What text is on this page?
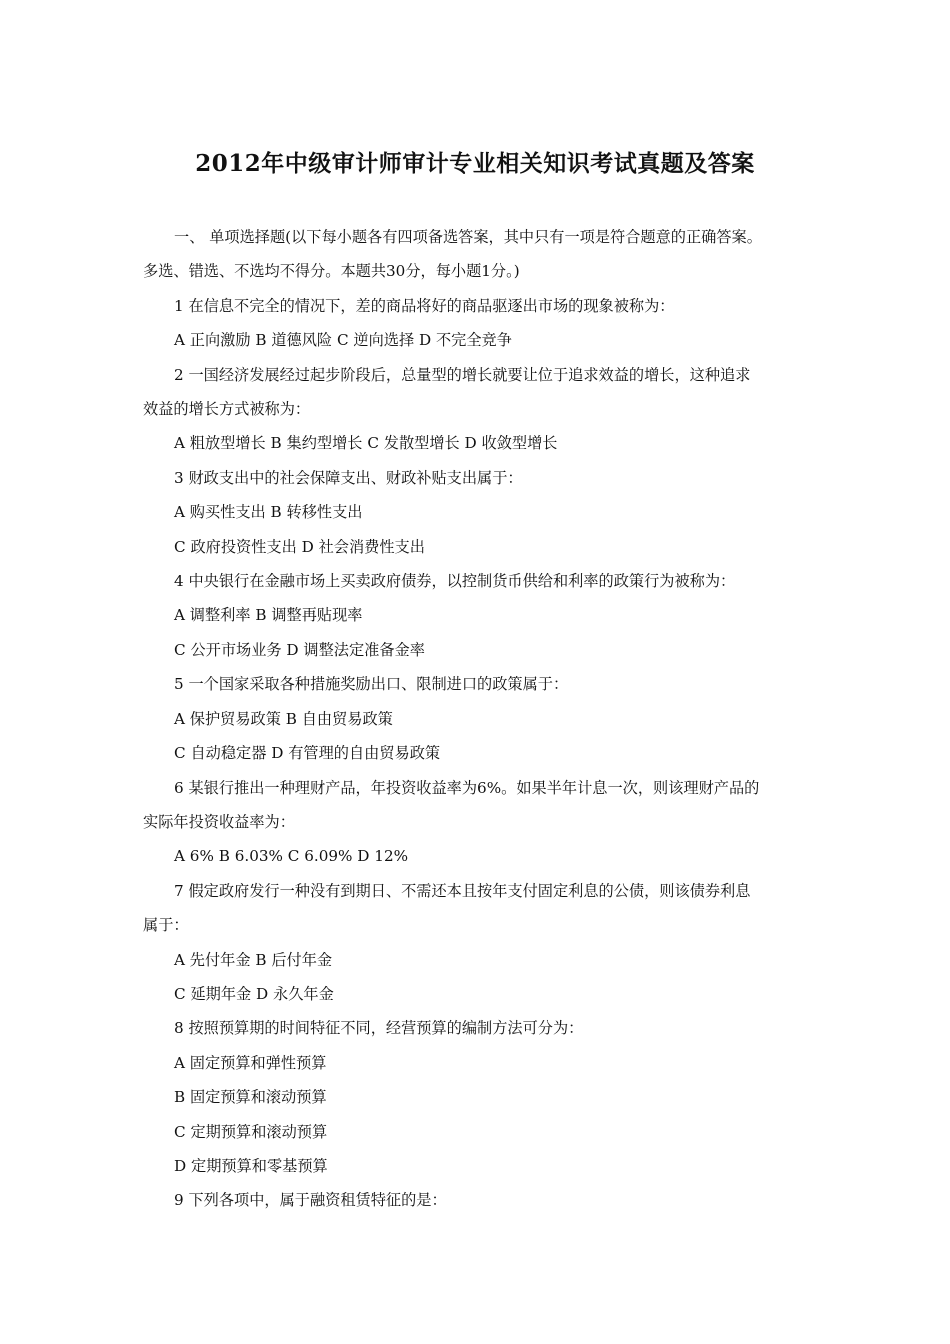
2012年中级审计师审计专业相关知识考试真题及答案
一、 单项选择题(以下每小题各有四项备选答案，其中只有一项是符合题意的正确答案。
多选、错选、不选均不得分。本题共30分，每小题1分。)
1 在信息不完全的情况下，差的商品将好的商品驱逐出市场的现象被称为：

A 正向激励 B 道德风险 C 逆向选择 D 不完全竞争

2 一国经济发展经过起步阶段后，总量型的增长就要让位于追求效益的增长，这种追求
效益的增长方式被称为：

A 粗放型增长 B 集约型增长 C 发散型增长 D 收敛型增长

3 财政支出中的社会保障支出、财政补贴支出属于：

A 购买性支出 B 转移性支出

C 政府投资性支出 D 社会消费性支出

4 中央银行在金融市场上买卖政府债券，以控制货币供给和利率的政策行为被称为：

A 调整利率 B 调整再贴现率

C 公开市场业务 D 调整法定准备金率

5 一个国家采取各种措施奖励出口、限制进口的政策属于：

A 保护贸易政策 B 自由贸易政策

C 自动稳定器 D 有管理的自由贸易政策

6 某银行推出一种理财产品，年投资收益率为6%。如果半年计息一次，则该理财产品的
实际年投资收益率为：

A 6% B 6.03% C 6.09% D 12%

7 假定政府发行一种没有到期日、不需还本且按年支付固定利息的公债，则该债券利息
属于：

A 先付年金 B 后付年金

C 延期年金 D 永久年金

8 按照预算期的时间特征不同，经营预算的编制方法可分为：

A 固定预算和弹性预算

B 固定预算和滚动预算

C 定期预算和滚动预算

D 定期预算和零基预算

9 下列各项中，属于融资租赁特征的是：
